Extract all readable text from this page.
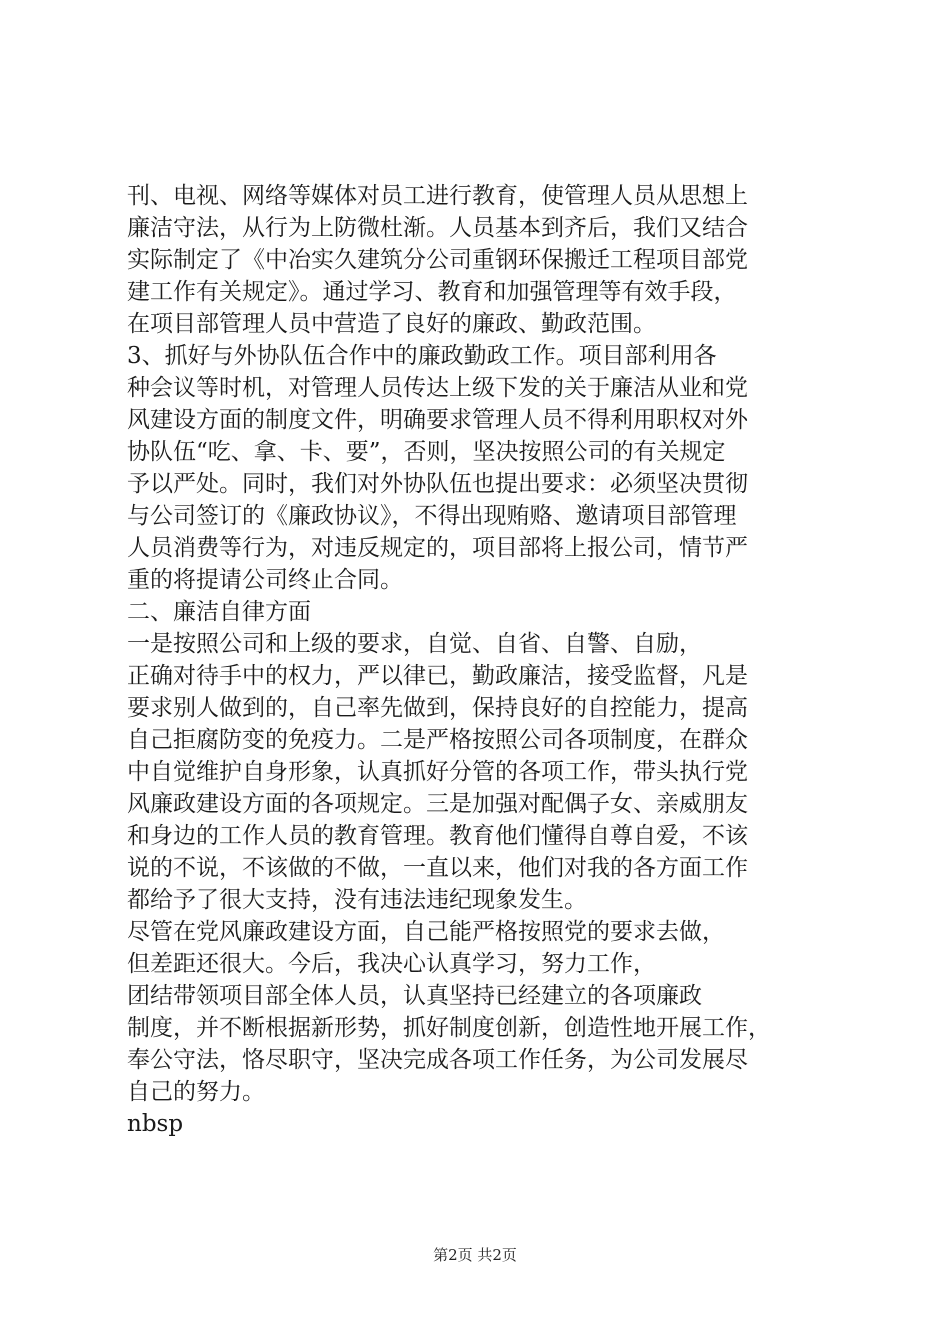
刊、电视、网络等媒体对员工进行教育，使管理人员从思想上
廉洁守法，从行为上防微杜渐。人员基本到齐后，我们又结合
实际制定了《中冶实久建筑分公司重钢环保搬迁工程项目部党
建工作有关规定》。通过学习、教育和加强管理等有效手段，
在项目部管理人员中营造了良好的廉政、勤政范围。
3、抓好与外协队伍合作中的廉政勤政工作。项目部利用各
种会议等时机，对管理人员传达上级下发的关于廉洁从业和党
风建设方面的制度文件，明确要求管理人员不得利用职权对外
协队伍“吃、拿、卡、要”，否则，坚决按照公司的有关规定
予以严处。同时，我们对外协队伍也提出要求：必须坚决贯彻
与公司签订的《廉政协议》，不得出现贿赂、邀请项目部管理
人员消费等行为，对违反规定的，项目部将上报公司，情节严
重的将提请公司终止合同。
二、廉洁自律方面
一是按照公司和上级的要求，自觉、自省、自警、自励，
正确对待手中的权力，严以律已，勤政廉洁，接受监督，凡是
要求别人做到的，自己率先做到，保持良好的自控能力，提高
自己拒腐防变的免疫力。二是严格按照公司各项制度，在群众
中自觉维护自身形象，认真抓好分管的各项工作，带头执行党
风廉政建设方面的各项规定。三是加强对配偶子女、亲威朋友
和身边的工作人员的教育管理。教育他们懂得自尊自爱，不该
说的不说，不该做的不做，一直以来，他们对我的各方面工作
都给予了很大支持，没有违法违纪现象发生。
尽管在党风廉政建设方面，自己能严格按照党的要求去做，
但差距还很大。今后，我决心认真学习，努力工作，
团结带领项目部全体人员，认真坚持已经建立的各项廉政
制度，并不断根据新形势，抓好制度创新，创造性地开展工作，
奉公守法，恪尽职守，坚决完成各项工作任务，为公司发展尽
自己的努力。
nbsp
第2页 共2页
